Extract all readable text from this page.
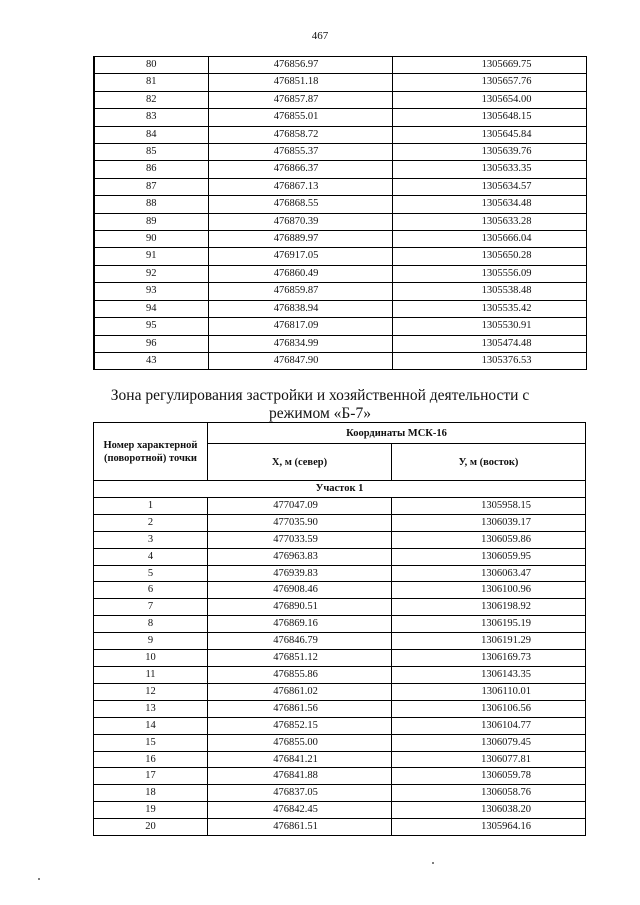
467
80	476856.97	1305669.75
81	476851.18	1305657.76
82	476857.87	1305654.00
83	476855.01	1305648.15
84	476858.72	1305645.84
85	476855.37	1305639.76
86	476866.37	1305633.35
87	476867.13	1305634.57
88	476868.55	1305634.48
89	476870.39	1305633.28
90	476889.97	1305666.04
91	476917.05	1305650.28
92	476860.49	1305556.09
93	476859.87	1305538.48
94	476838.94	1305535.42
95	476817.09	1305530.91
96	476834.99	1305474.48
43	476847.90	1305376.53
Зона регулирования застройки и хозяйственной деятельности с
режимом «Б-7»
Номер характерной (поворотной) точки	Координаты МСК-16	
	Х, м (север)	У, м (восток)
Участок 1		
1	477047.09	1305958.15
2	477035.90	1306039.17
3	477033.59	1306059.86
4	476963.83	1306059.95
5	476939.83	1306063.47
6	476908.46	1306100.96
7	476890.51	1306198.92
8	476869.16	1306195.19
9	476846.79	1306191.29
10	476851.12	1306169.73
11	476855.86	1306143.35
12	476861.02	1306110.01
13	476861.56	1306106.56
14	476852.15	1306104.77
15	476855.00	1306079.45
16	476841.21	1306077.81
17	476841.88	1306059.78
18	476837.05	1306058.76
19	476842.45	1306038.20
20	476861.51	1305964.16
